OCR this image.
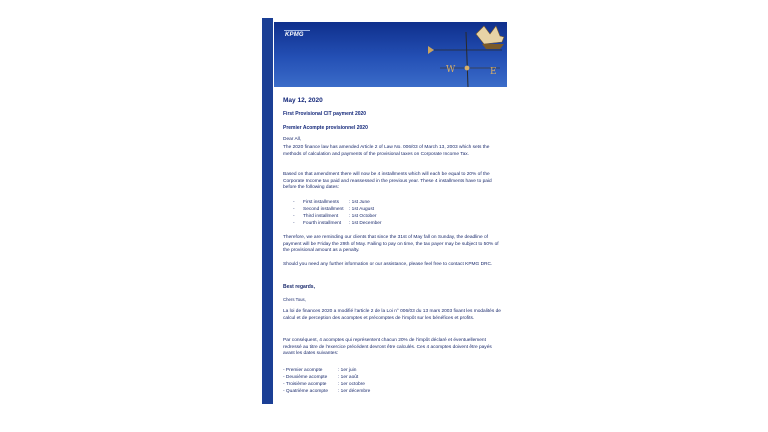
KPMG
W	E
May 12, 2020
First Provisional CIT payment 2020
Premier Acompte provisionnel 2020
Dear All,
The 2020 finance law has amended Article 2 of Law No. 006/03 of March 13, 2003 which sets the methods of calculation and payments of the provisional taxes on Corporate Income Tax.
Based on that amendment there will now be 4 installments which will each be equal to 20% of the Corporate Income tax paid and reassessed in the previous year. These 4 installments have to paid before the following dates:
- First installments : 1st June
- Second installment : 1st August
- Third installment : 1st October
- Fourth installment : 1st December
Therefore, we are reminding our clients that since the 31st of May fall on Sunday, the deadline of payment will be Friday the 29th of May. Failing to pay on time, the tax payer may be subject to 50% of the provisional amount as a penalty.
Should you need any further information or our assistance, please feel free to contact KPMG DRC.
Best regards,
Chers Tous,
La loi de finances 2020 a modifié l’article 2 de la Loi n° 006/03 du 13 mars 2003 fixant les modalités de calcul et de perception des acomptes et précomptes de l’impôt sur les bénéfices et profits.
Par conséquent, 4 acomptes qui représentent chacun 20% de l’impôt déclaré et éventuellement redressé au titre de l’exercice précédent devront être calculés. Ces 4 acomptes doivent être payés avant les dates suivantes:
- Premier acompte	: 1er juin
- Deuxième acompte : 1er août
- Troisième acompte : 1er octobre
- Quatrième acompte : 1er décembre
